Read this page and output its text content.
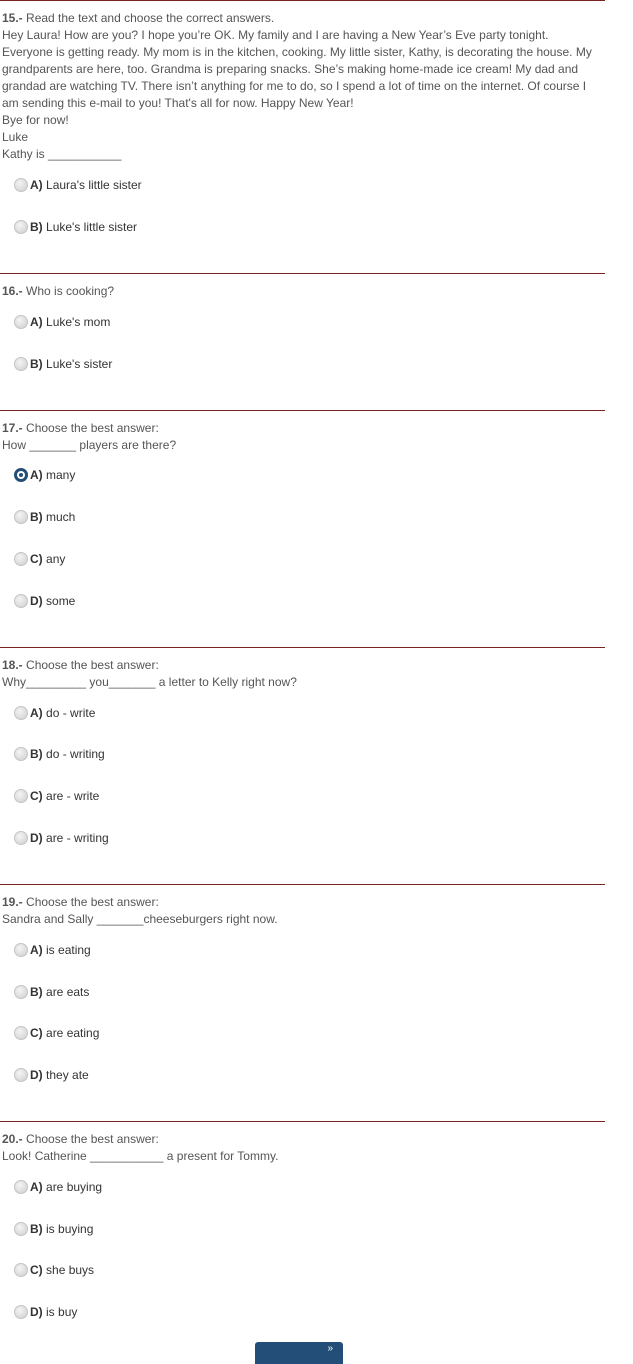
15.- Read the text and choose the correct answers.
Hey Laura! How are you? I hope you’re OK. My family and I are having a New Year’s Eve party tonight. Everyone is getting ready. My mom is in the kitchen, cooking. My little sister, Kathy, is decorating the house. My grandparents are here, too. Grandma is preparing snacks. She’s making home-made ice cream! My dad and grandad are watching TV. There isn’t anything for me to do, so I spend a lot of time on the internet. Of course I am sending this e-mail to you! That's all for now. Happy New Year!
Bye for now!
Luke
Kathy is ___________
A) Laura's little sister
B) Luke's little sister
16.- Who is cooking?
A) Luke's mom
B) Luke's sister
17.- Choose the best answer:
How _______ players are there?
A) many
B) much
C) any
D) some
18.- Choose the best answer:
Why_________ you_______ a letter to Kelly right now?
A) do - write
B) do - writing
C) are - write
D) are - writing
19.- Choose the best answer:
Sandra and Sally _______cheeseburgers right now.
A) is eating
B) are eats
C) are eating
D) they ate
20.- Choose the best answer:
Look! Catherine ___________ a present for Tommy.
A) are buying
B) is buying
C) she buys
D) is buy
»
